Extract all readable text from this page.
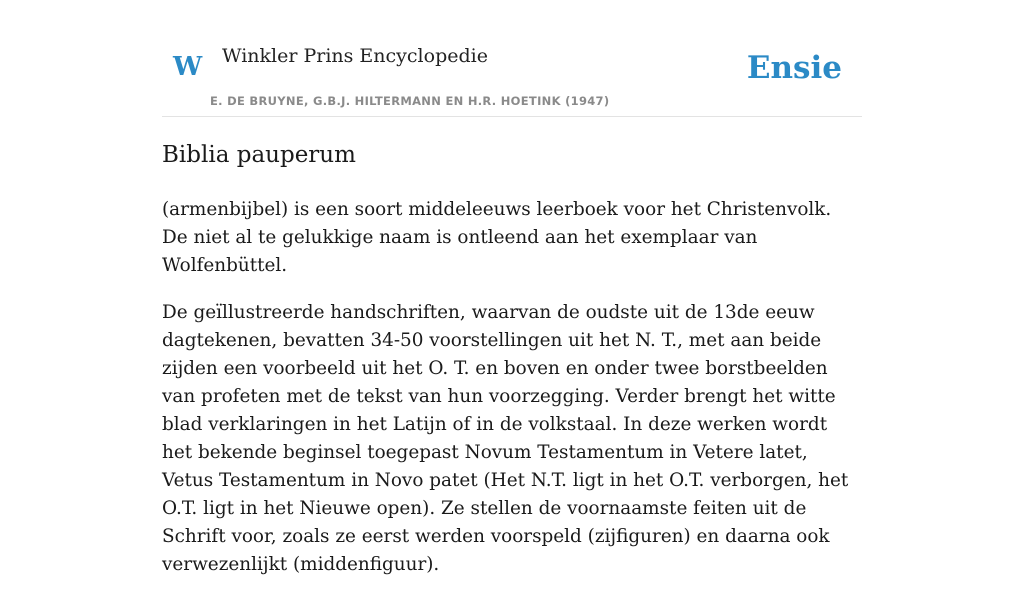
W Winkler Prins Encyclopedie
E. DE BRUYNE, G.B.J. HILTERMANN EN H.R. HOETINK (1947)
Ensie
Biblia pauperum

(armenbijbel) is een soort middeleeuws leerboek voor het Christenvolk. De niet al te gelukkige naam is ontleend aan het exemplaar van Wolfenbüttel.

De geïllustreerde handschriften, waarvan de oudste uit de 13de eeuw dagtekenen, bevatten 34-50 voorstellingen uit het N. T., met aan beide zijden een voorbeeld uit het O. T. en boven en onder twee borstbeelden van profeten met de tekst van hun voorzegging. Verder brengt het witte blad verklaringen in het Latijn of in de volkstaal. In deze werken wordt het bekende beginsel toegepast Novum Testamentum in Vetere latet, Vetus Testamentum in Novo patet (Het N.T. ligt in het O.T. verborgen, het O.T. ligt in het Nieuwe open). Ze stellen de voornaamste feiten uit de Schrift voor, zoals ze eerst werden voorspeld (zijfiguren) en daarna ook verwezenlijkt (middenfiguur).
